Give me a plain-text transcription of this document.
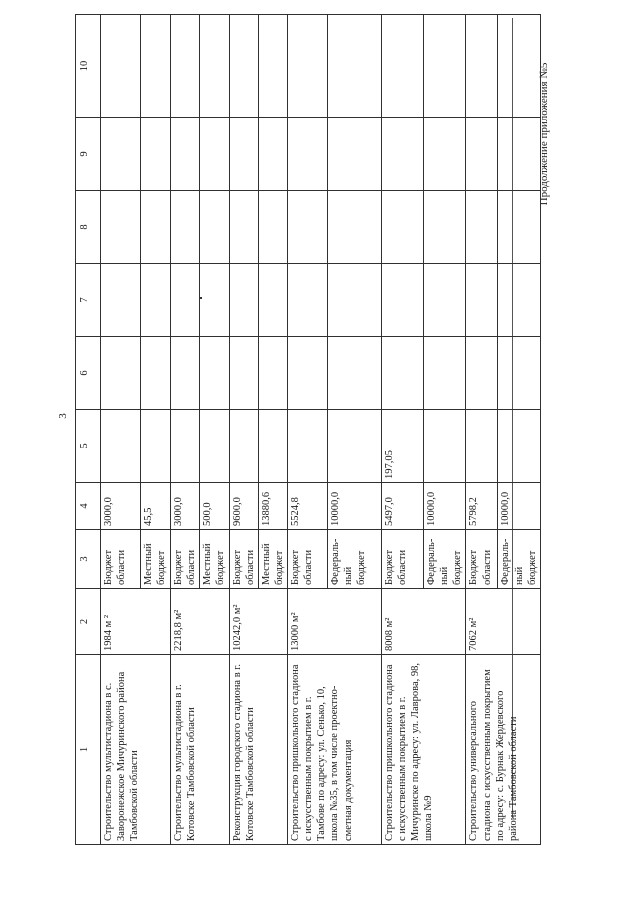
3
Продолжение приложения №5
1	2	3	4	5	6	7	8	9	10
Строительство мультистадиона в с. Заворонежское Мичуринского района Тамбовской области	1984 м ²	Бюджет области	3000,0						
		Местный бюджет	45,5						
Строительство мультистадиона в г. Котовске Тамбовской области	2218,8 м²	Бюджет области	3000,0						
		Местный бюджет	500,0						
Реконструкция городского стадиона в г. Котовске Тамбовской области	10242,0 м²	Бюджет области	9600,0						
		Местный бюджет	13880,6						
Строительство пришкольного стадиона с искусственным покрытием в г. Тамбове по адресу: ул. Сенько, 10, школа №35, в том числе проектно-сметная документация	13000 м²	Бюджет области	5524,8						
		Федераль-ный бюджет	10000,0						
Строительство пришкольного стадиона с искусственным покрытием в г. Мичуринске по адресу: ул. Лаврова, 98, школа №9	8008 м²	Бюджет области	5497,0	197,05					
		Федераль-ный бюджет	10000,0						
Строительство универсального стадиона с искусственным покрытием по адресу: с. Бурнак Жердевского района Тамбовской области	7062 м²	Бюджет области	5798,2						
		Федераль-ный бюджет	10000,0						
